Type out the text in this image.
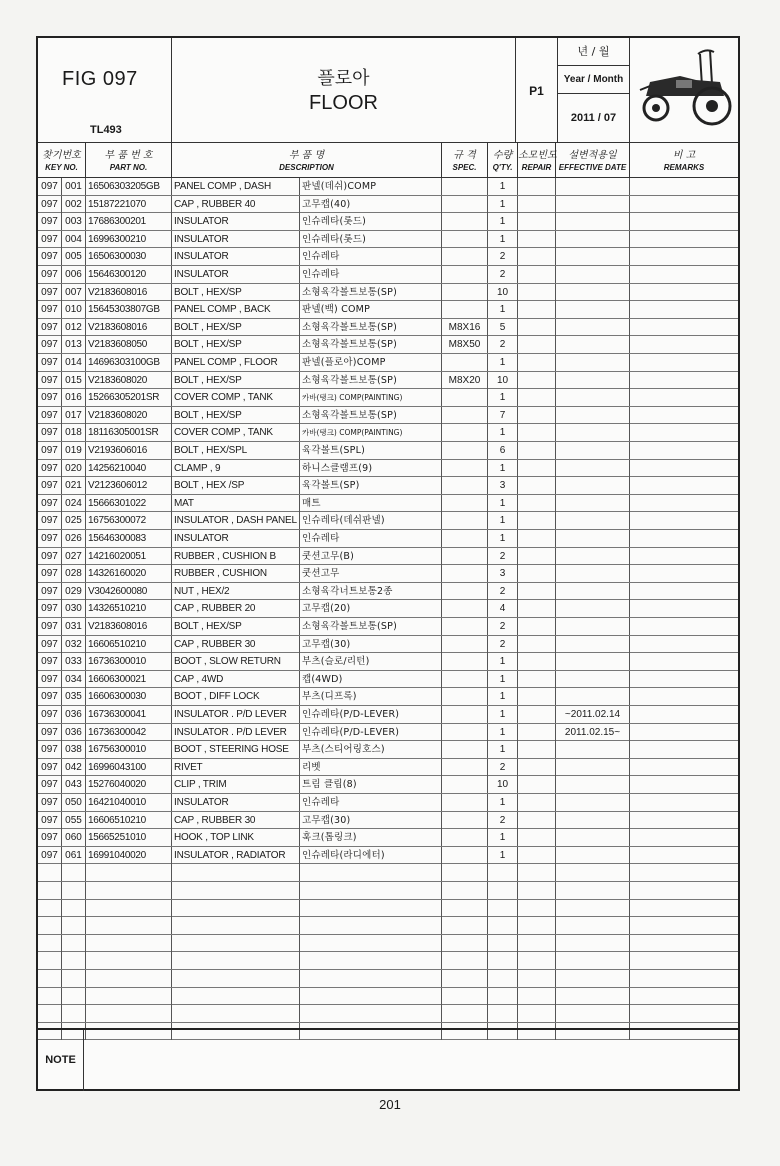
FIG 097
TL493
플로아
FLOOR
P1
년 / 월
Year / Month
2011 / 07
찾기번호
KEY NO.
부 품 번 호
PART NO.
부 품 명
DESCRIPTION
규 격
SPEC.
수량
Q'TY.
소모빈도
REPAIR
설변적용일
EFFECTIVE DATE
비 고
REMARKS
097 001 16506303205GB	PANEL COMP , DASH	판넬(데쉬)COMP	1
097 002 15187221070	CAP , RUBBER 40	고무캡(40)	1
097 003 17686300201	INSULATOR	인슈레타(롯드)	1
097 004 16996300210	INSULATOR	인슈레타(롯드)	1
097 005 16506300030	INSULATOR	인슈레타	2
097 006 15646300120	INSULATOR	인슈레타	2
097 007 V2183608016	BOLT , HEX/SP	소형육각볼트보통(SP)	10
097 010 15645303807GB	PANEL COMP , BACK	판넬(백) COMP	1
097 012 V2183608016	BOLT , HEX/SP	소형육각볼트보통(SP)	M8X16	5
097 013 V2183608050	BOLT , HEX/SP	소형육각볼트보통(SP)	M8X50	2
097 014 14696303100GB	PANEL COMP , FLOOR	판넬(플로아)COMP	1
097 015 V2183608020	BOLT , HEX/SP	소형육각볼트보통(SP)	M8X20	10
097 016 15266305201SR	COVER COMP , TANK	카바(탱크) COMP(PAINTING)	1
097 017 V2183608020	BOLT , HEX/SP	소형육각볼트보통(SP)	7
097 018 18116305001SR	COVER COMP , TANK	카바(탱크) COMP(PAINTING)	1
097 019 V2193606016	BOLT , HEX/SPL	육각볼트(SPL)	6
097 020 14256210040	CLAMP , 9	하니스클램프(9)	1
097 021 V2123606012	BOLT , HEX /SP	육각볼트(SP)	3
097 024 15666301022	MAT	매트	1
097 025 16756300072	INSULATOR , DASH PANEL 인슈레타(데쉬판넬)	1
097 026 15646300083	INSULATOR	인슈레타	1
097 027 14216020051	RUBBER , CUSHION B	쿳션고무(B)	2
097 028 14326160020	RUBBER , CUSHION	쿳션고무	3
097 029 V3042600080	NUT , HEX/2	소형육각너트보통2종	2
097 030 14326510210	CAP , RUBBER 20	고무캡(20)	4
097 031 V2183608016	BOLT , HEX/SP	소형육각볼트보통(SP)	2
097 032 16606510210	CAP , RUBBER 30	고무캡(30)	2
097 033 16736300010	BOOT , SLOW RETURN	부츠(슬로/리턴)	1
097 034 16606300021	CAP , 4WD	캡(4WD)	1
097 035 16606300030	BOOT , DIFF LOCK	부츠(디프록)	1
097 036 16736300041	INSULATOR . P/D LEVER	인슈레타(P/D-LEVER)	1	~2011.02.14
097 036 16736300042	INSULATOR . P/D LEVER	인슈레타(P/D-LEVER)	1	2011.02.15~
097 038 16756300010	BOOT , STEERING HOSE	부츠(스티어링호스)	1
097 042 16996043100	RIVET	리벳	2
097 043 15276040020	CLIP , TRIM	트림 클립(8)	10
097 050 16421040010	INSULATOR	인슈레타	1
097 055 16606510210	CAP , RUBBER 30	고무캡(30)	2
097 060 15665251010	HOOK , TOP LINK	훅크(톱링크)	1
097 061 16991040020	INSULATOR , RADIATOR	인슈레타(라디에터)	1
NOTE
201
